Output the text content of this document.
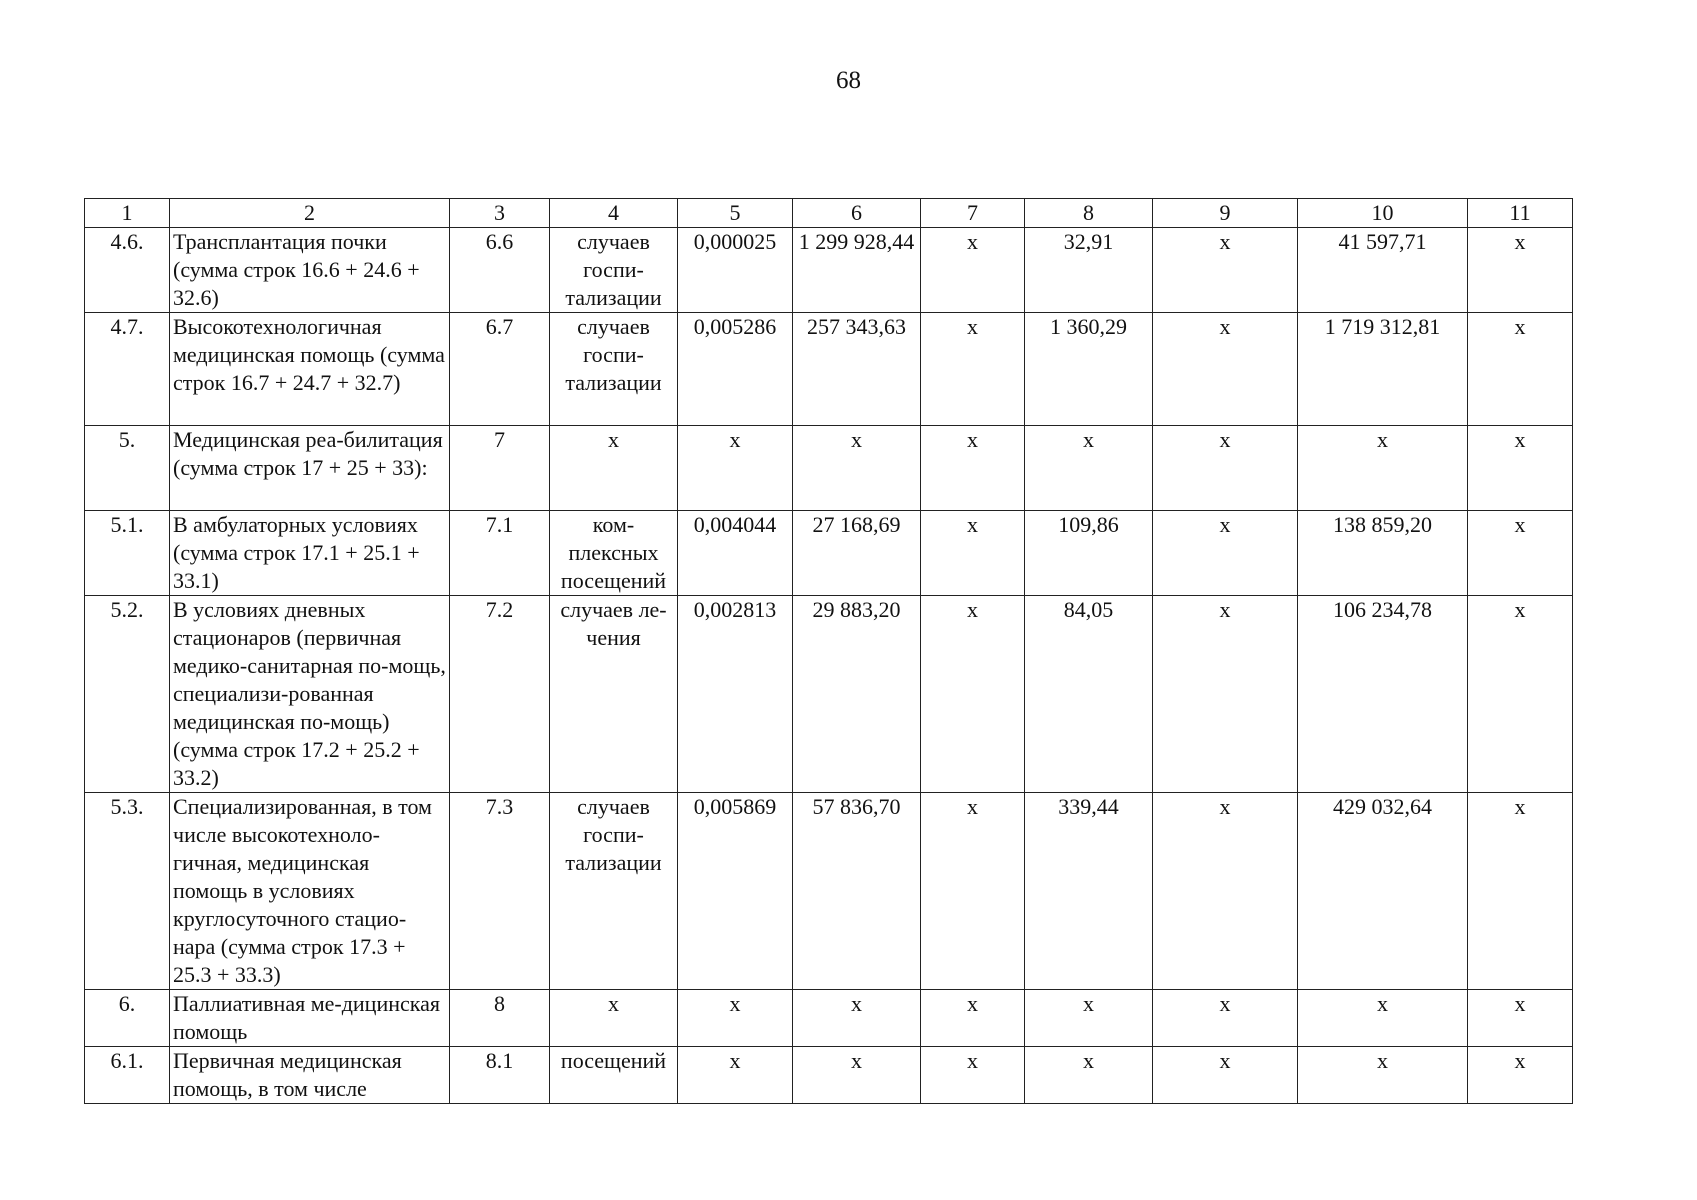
68
1	2	3	4	5	6	7	8	9	10	11
4.6.	Трансплантация почки (сумма строк 16.6 + 24.6 + 32.6)	6.6	случаев госпи-тализации	0,000025	1 299 928,44	х	32,91	х	41 597,71	х
4.7.	Высокотехнологичная медицинская помощь (сумма строк 16.7 + 24.7 + 32.7)	6.7	случаев госпи-тализации	0,005286	257 343,63	х	1 360,29	х	1 719 312,81	х
5.	Медицинская реа-билитация (сумма строк 17 + 25 + 33):	7	х	х	х	х	х	х	х	х
5.1.	В амбулаторных условиях (сумма строк 17.1 + 25.1 + 33.1)	7.1	ком-плексных посещений	0,004044	27 168,69	х	109,86	х	138 859,20	х
5.2.	В условиях дневных стационаров (первичная медико-санитарная по-мощь, специализи-рованная медицинская по-мощь) (сумма строк 17.2 + 25.2 + 33.2)	7.2	случаев ле-чения	0,002813	29 883,20	х	84,05	х	106 234,78	х
5.3.	Специализированная, в том числе высокотехноло-гичная, медицинская помощь в условиях круглосуточного стацио-нара (сумма строк 17.3 + 25.3 + 33.3)	7.3	случаев госпи-тализации	0,005869	57 836,70	х	339,44	х	429 032,64	х
6.	Паллиативная ме-дицинская помощь	8	х	х	х	х	х	х	х	х
6.1.	Первичная медицинская помощь, в том числе	8.1	посещений	х	х	х	х	х	х	х
